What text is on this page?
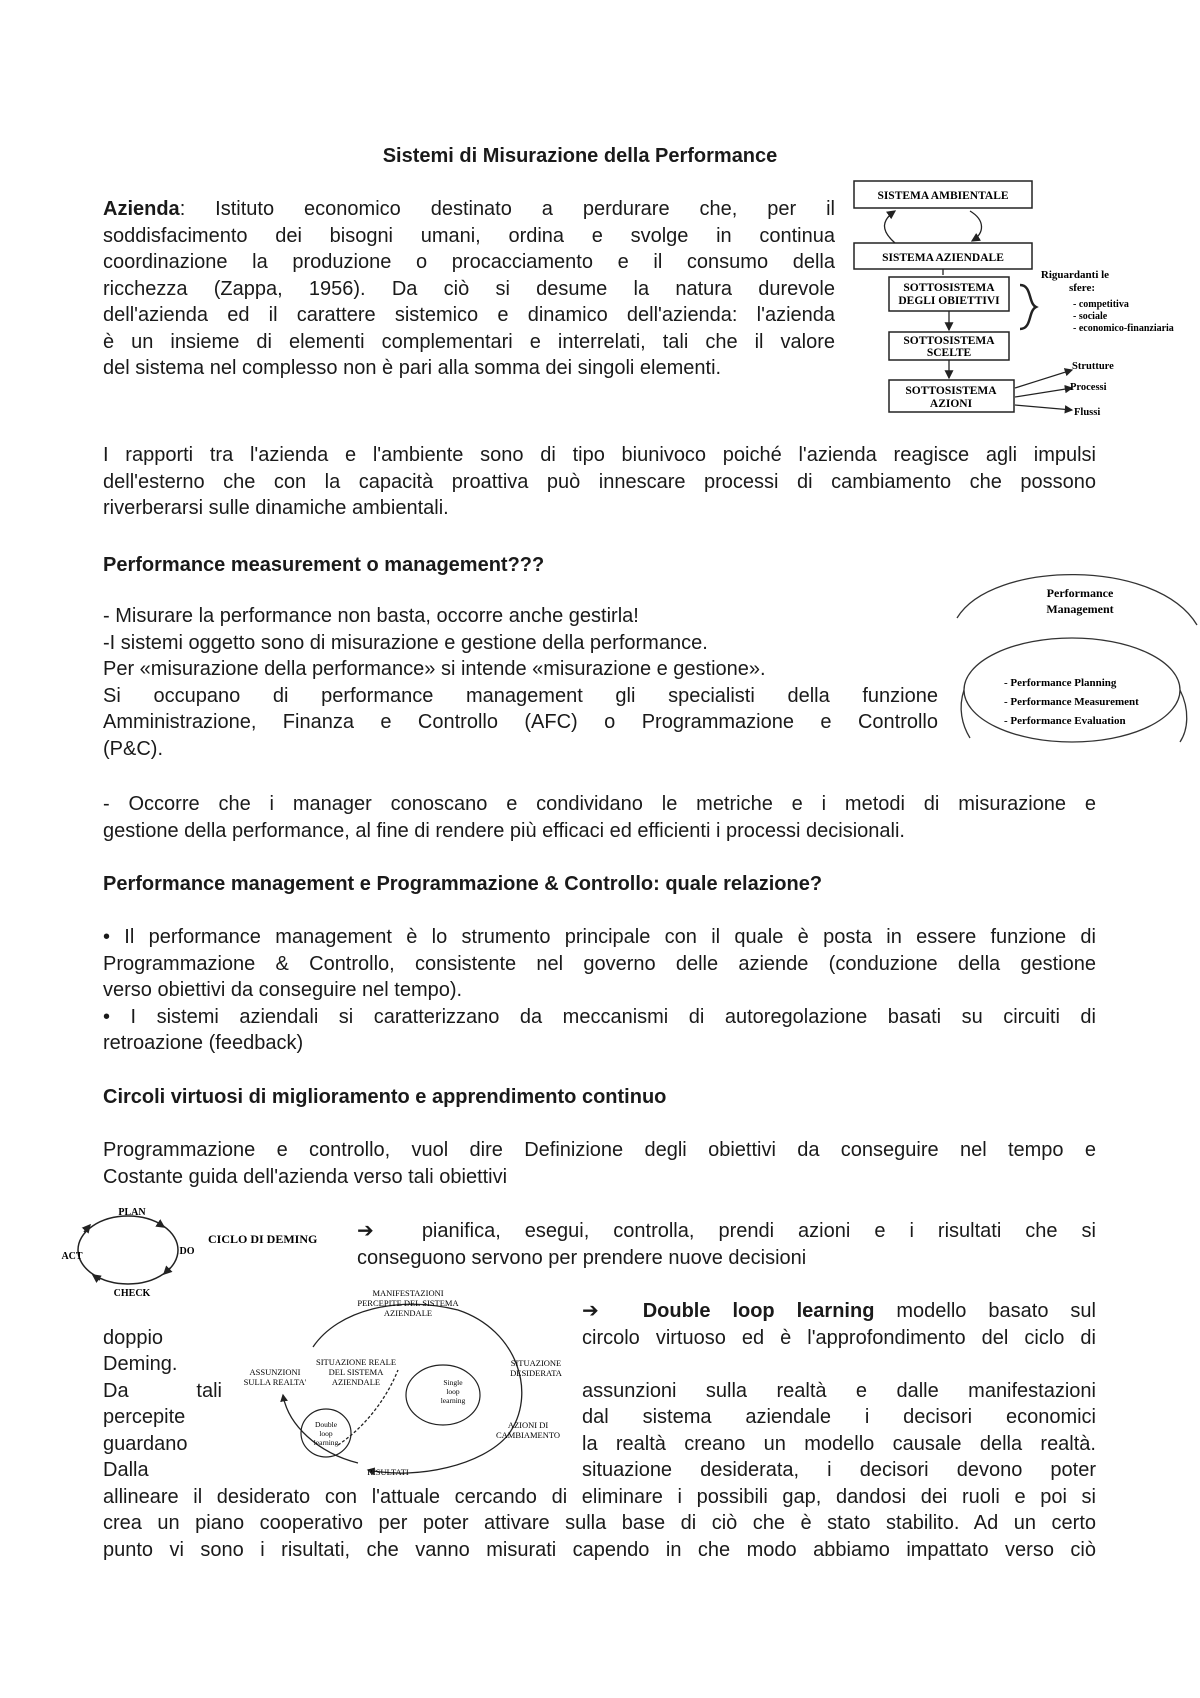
Sistemi di Misurazione della Performance
Azienda: Istituto economico destinato a perdurare che, per il
soddisfacimento dei bisogni umani, ordina e svolge in continua
coordinazione la produzione o procacciamento e il consumo della
ricchezza (Zappa, 1956). Da ciò si desume la natura durevole
dell'azienda ed il carattere sistemico e dinamico dell'azienda: l'azienda
è un insieme di elementi complementari e interrelati, tali che il valore
del sistema nel complesso non è pari alla somma dei singoli elementi.
SISTEMA AMBIENTALE
SISTEMA AZIENDALE
SOTTOSISTEMA
DEGLI OBIETTIVI
SOTTOSISTEMA
SCELTE
SOTTOSISTEMA
AZIONI
Riguardanti le
sfere:
- competitiva
- sociale
- economico-finanziaria
Strutture
Processi
Flussi
I rapporti tra l'azienda e l'ambiente sono di tipo biunivoco poiché l'azienda reagisce agli impulsi
dell'esterno che con la capacità proattiva può innescare processi di cambiamento che possono
riverberarsi sulle dinamiche ambientali.
Performance measurement o management???
- Misurare la performance non basta, occorre anche gestirla!
-I sistemi oggetto sono di misurazione e gestione della performance.
Per «misurazione della performance» si intende «misurazione e gestione».
Si occupano di performance management gli specialisti della funzione
Amministrazione, Finanza e Controllo (AFC) o Programmazione e Controllo
(P&C).
Performance
Management
- Performance Planning
- Performance Measurement
- Performance Evaluation
- Occorre che i manager conoscano e condividano le metriche e i metodi di misurazione e
gestione della performance, al fine di rendere più efficaci ed efficienti i processi decisionali.
Performance management e Programmazione & Controllo: quale relazione?
• Il performance management è lo strumento principale con il quale è posta in essere funzione di
Programmazione & Controllo, consistente nel governo delle aziende (conduzione della gestione
verso obiettivi da conseguire nel tempo).
• I sistemi aziendali si caratterizzano da meccanismi di autoregolazione basati su circuiti di
retroazione (feedback)
Circoli virtuosi di miglioramento e apprendimento continuo
Programmazione e controllo, vuol dire Definizione degli obiettivi da conseguire nel tempo e
Costante guida dell'azienda verso tali obiettivi
PLAN
DO
CHECK
ACT
CICLO DI DEMING ➔ pianifica, esegui, controlla, prendi azioni e i risultati che si
conseguono servono per prendere nuove decisioni
MANIFESTAZIONI
PERCEPITE DEL SISTEMA
AZIENDALE
SITUAZIONE
DESIDERATA
AZIONI DI
CAMBIAMENTO
RISULTATI
ASSUNZIONI
SULLA REALTA'
SITUAZIONE REALE
DEL SISTEMA
AZIENDALE	Single
loop
learning
Double
loop
learning
➔ Double loop learning modello basato sul
doppio
Deming.
Da	tali
percepite
guardano
Dalla
circolo virtuoso ed è l'approfondimento del ciclo di
assunzioni sulla realtà e dalle manifestazioni
dal sistema aziendale i decisori economici
la realtà creano un modello causale della realtà.
situazione desiderata, i decisori devono poter
allineare il desiderato con l'attuale cercando di eliminare i possibili gap, dandosi dei ruoli e poi si
crea un piano cooperativo per poter attivare sulla base di ciò che è stato stabilito. Ad un certo
punto vi sono i risultati, che vanno misurati capendo in che modo abbiamo impattato verso ciò
